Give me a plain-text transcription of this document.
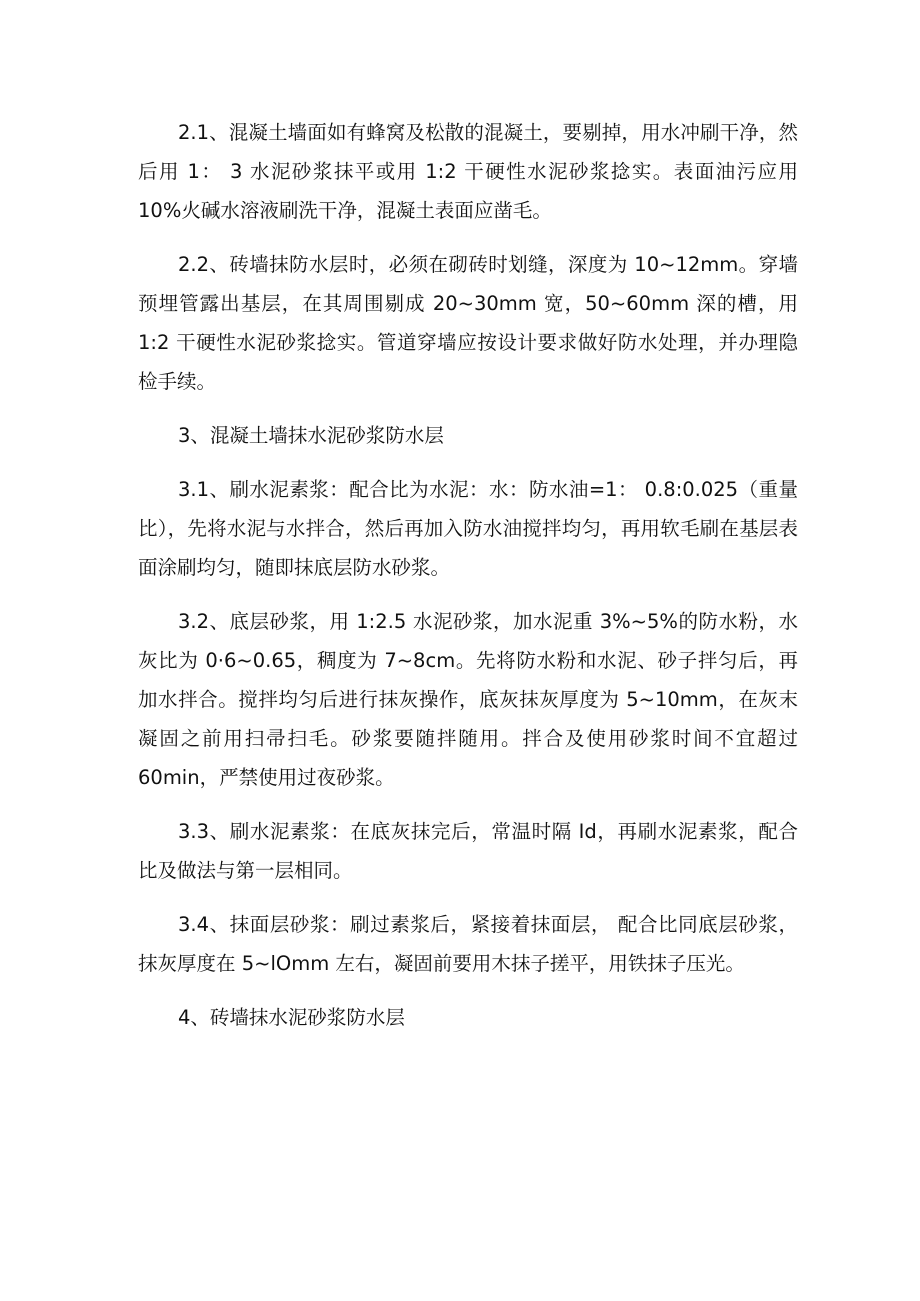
2.1、混凝土墙面如有蜂窝及松散的混凝土，要剔掉，用水冲刷干净，然后用 1： 3 水泥砂浆抹平或用 1:2 干硬性水泥砂浆捻实。表面油污应用 10%火碱水溶液刷洗干净，混凝土表面应凿毛。

2.2、砖墙抹防水层时，必须在砌砖时划缝，深度为 10~12mm。穿墙预埋管露出基层，在其周围剔成 20~30mm 宽，50~60mm 深的槽，用 1:2 干硬性水泥砂浆捻实。管道穿墙应按设计要求做好防水处理，并办理隐检手续。

3、混凝土墙抹水泥砂浆防水层

3.1、刷水泥素浆：配合比为水泥：水：防水油=1： 0.8:0.025（重量比），先将水泥与水拌合，然后再加入防水油搅拌均匀，再用软毛刷在基层表面涂刷均匀，随即抹底层防水砂浆。

3.2、底层砂浆，用 1:2.5 水泥砂浆，加水泥重 3%~5%的防水粉，水灰比为 0·6~0.65，稠度为 7~8cm。先将防水粉和水泥、砂子拌匀后，再加水拌合。搅拌均匀后进行抹灰操作，底灰抹灰厚度为 5~10mm，在灰末凝固之前用扫帚扫毛。砂浆要随拌随用。拌合及使用砂浆时间不宜超过 60min，严禁使用过夜砂浆。

3.3、刷水泥素浆：在底灰抹完后，常温时隔 Id，再刷水泥素浆，配合比及做法与第一层相同。

3.4、抹面层砂浆：刷过素浆后，紧接着抹面层， 配合比同底层砂浆，抹灰厚度在 5~lOmm 左右，凝固前要用木抹子搓平，用铁抹子压光。

4、砖墙抹水泥砂浆防水层
